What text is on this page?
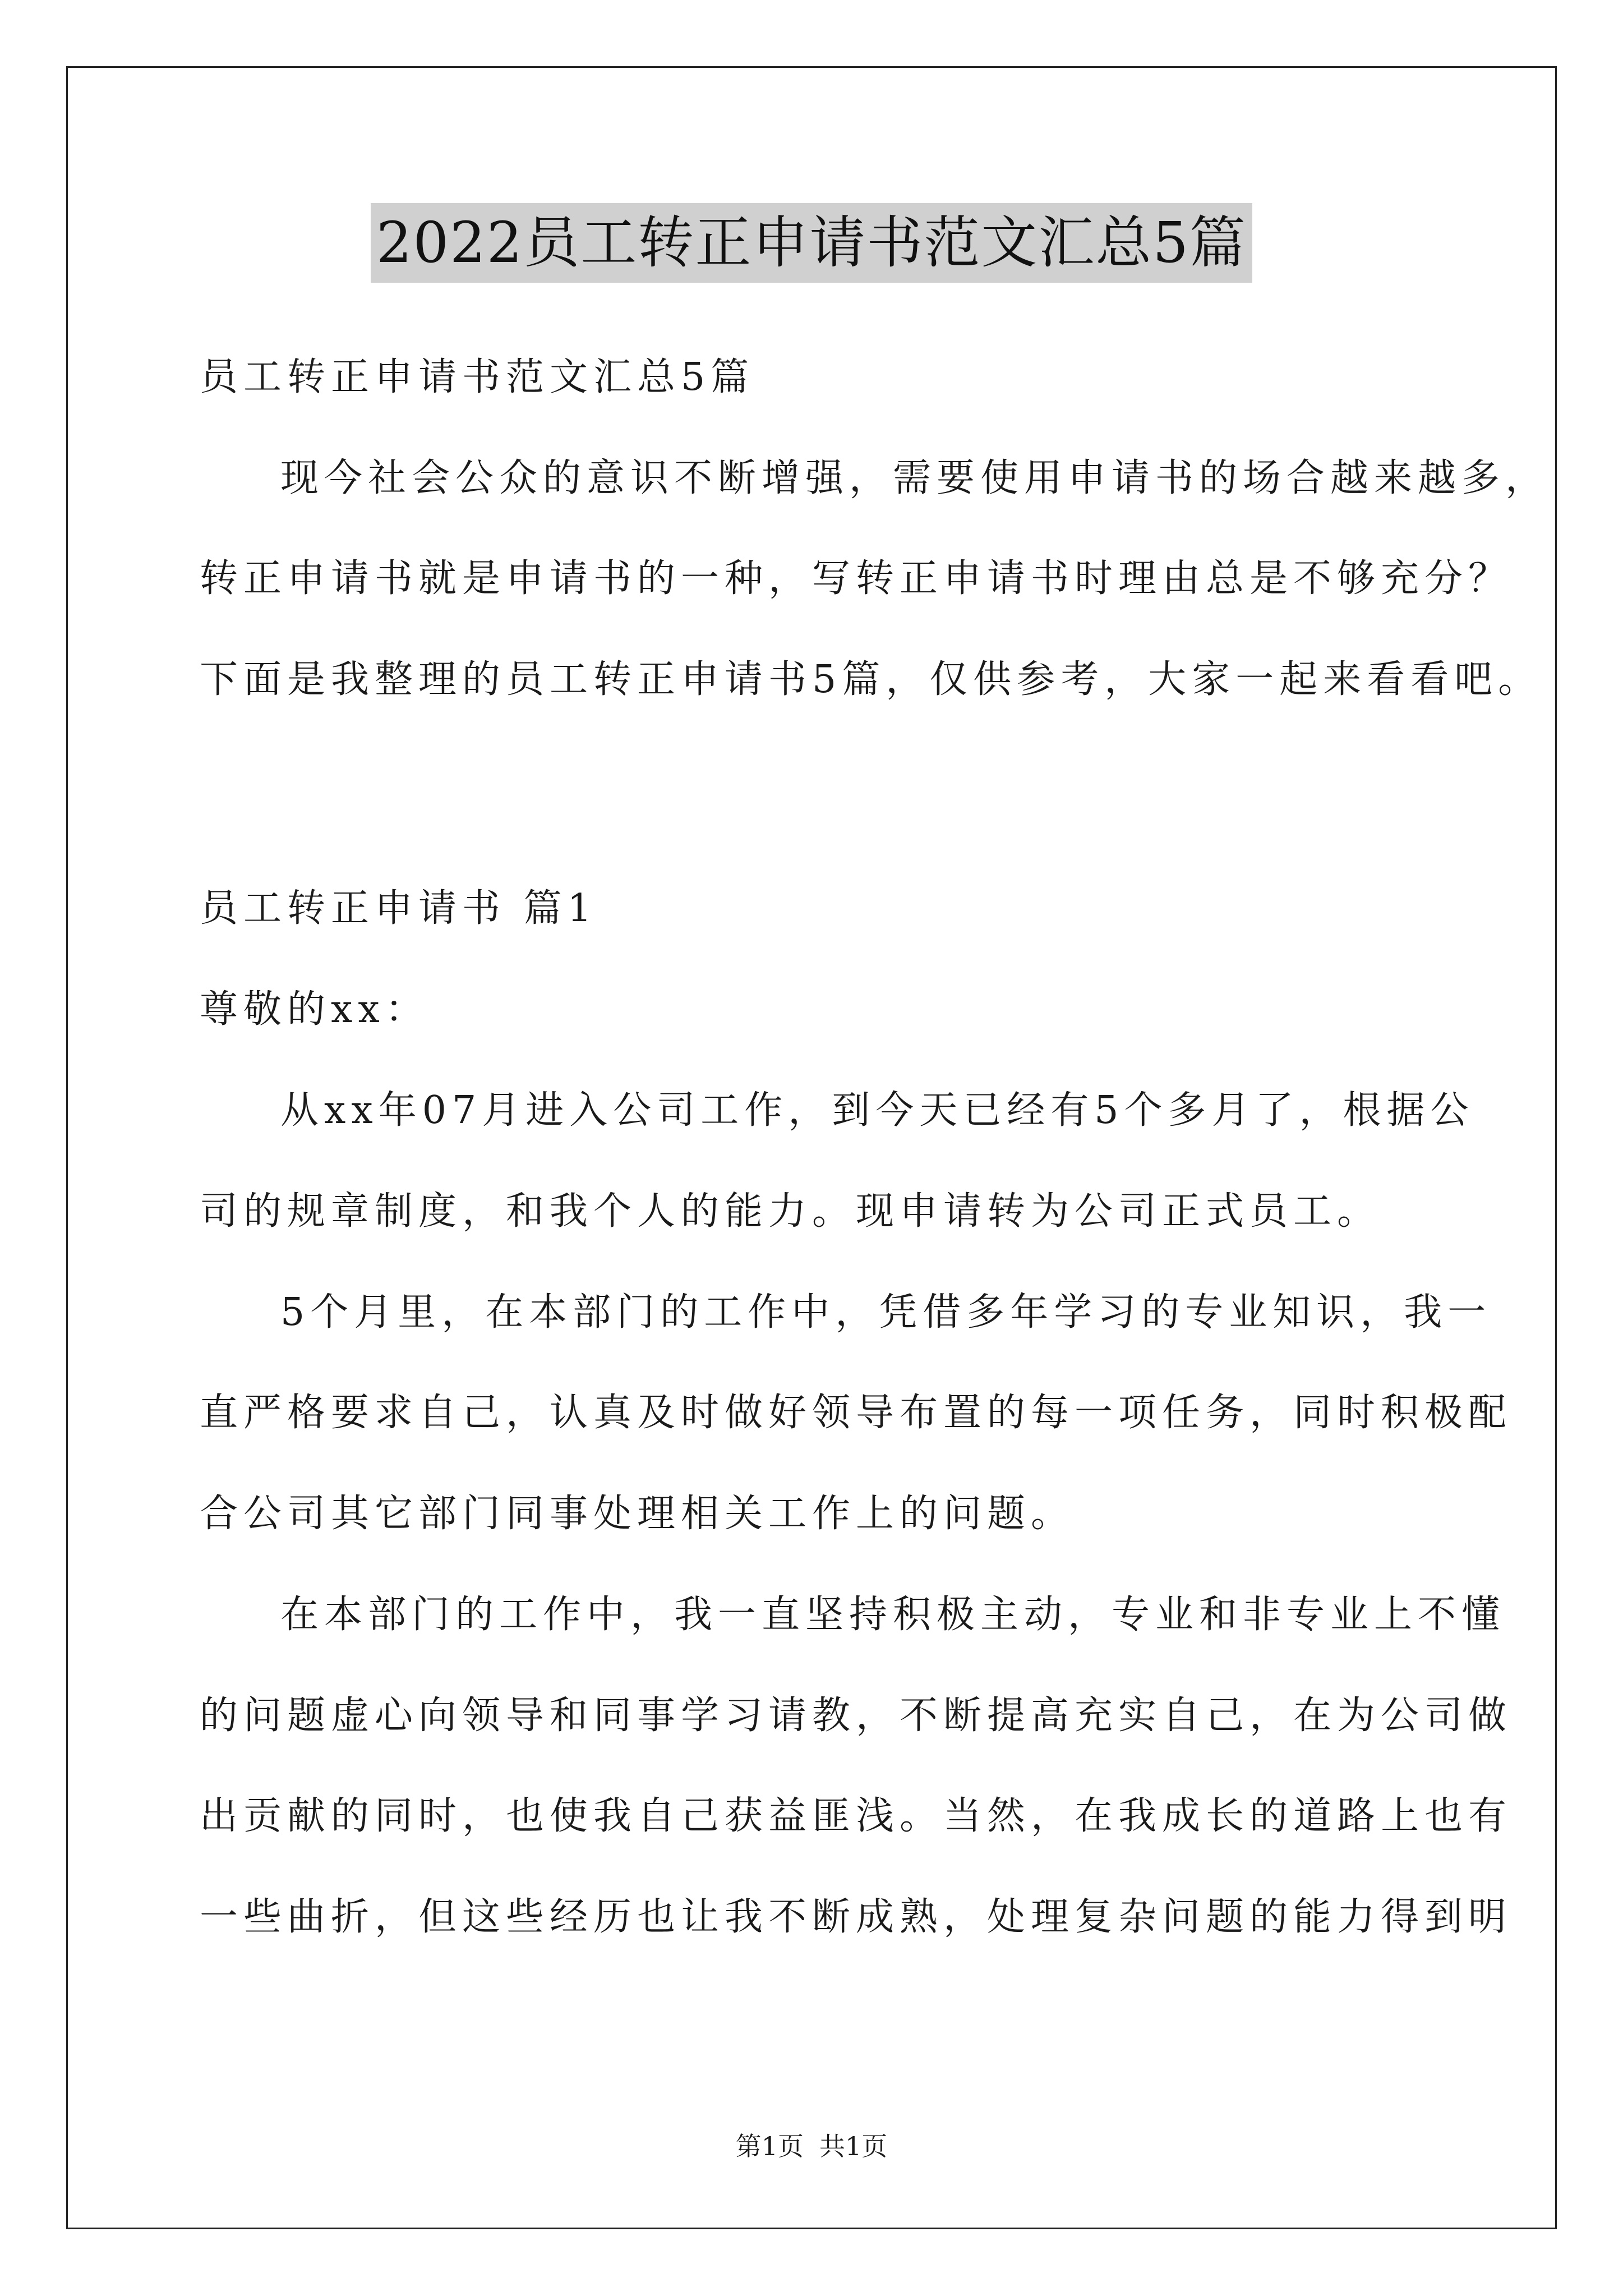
2022员工转正申请书范文汇总5篇
员工转正申请书范文汇总5篇
现今社会公众的意识不断增强，需要使用申请书的场合越来越多，
转正申请书就是申请书的一种，写转正申请书时理由总是不够充分？
下面是我整理的员工转正申请书5篇，仅供参考，大家一起来看看吧。
员工转正申请书 篇1
尊敬的xx：
从xx年07月进入公司工作，到今天已经有5个多月了，根据公
司的规章制度，和我个人的能力。现申请转为公司正式员工。
5个月里，在本部门的工作中，凭借多年学习的专业知识，我一
直严格要求自己，认真及时做好领导布置的每一项任务，同时积极配
合公司其它部门同事处理相关工作上的问题。
在本部门的工作中，我一直坚持积极主动，专业和非专业上不懂
的问题虚心向领导和同事学习请教，不断提高充实自己，在为公司做
出贡献的同时，也使我自己获益匪浅。当然，在我成长的道路上也有
一些曲折，但这些经历也让我不断成熟，处理复杂问题的能力得到明
第1页 共1页
